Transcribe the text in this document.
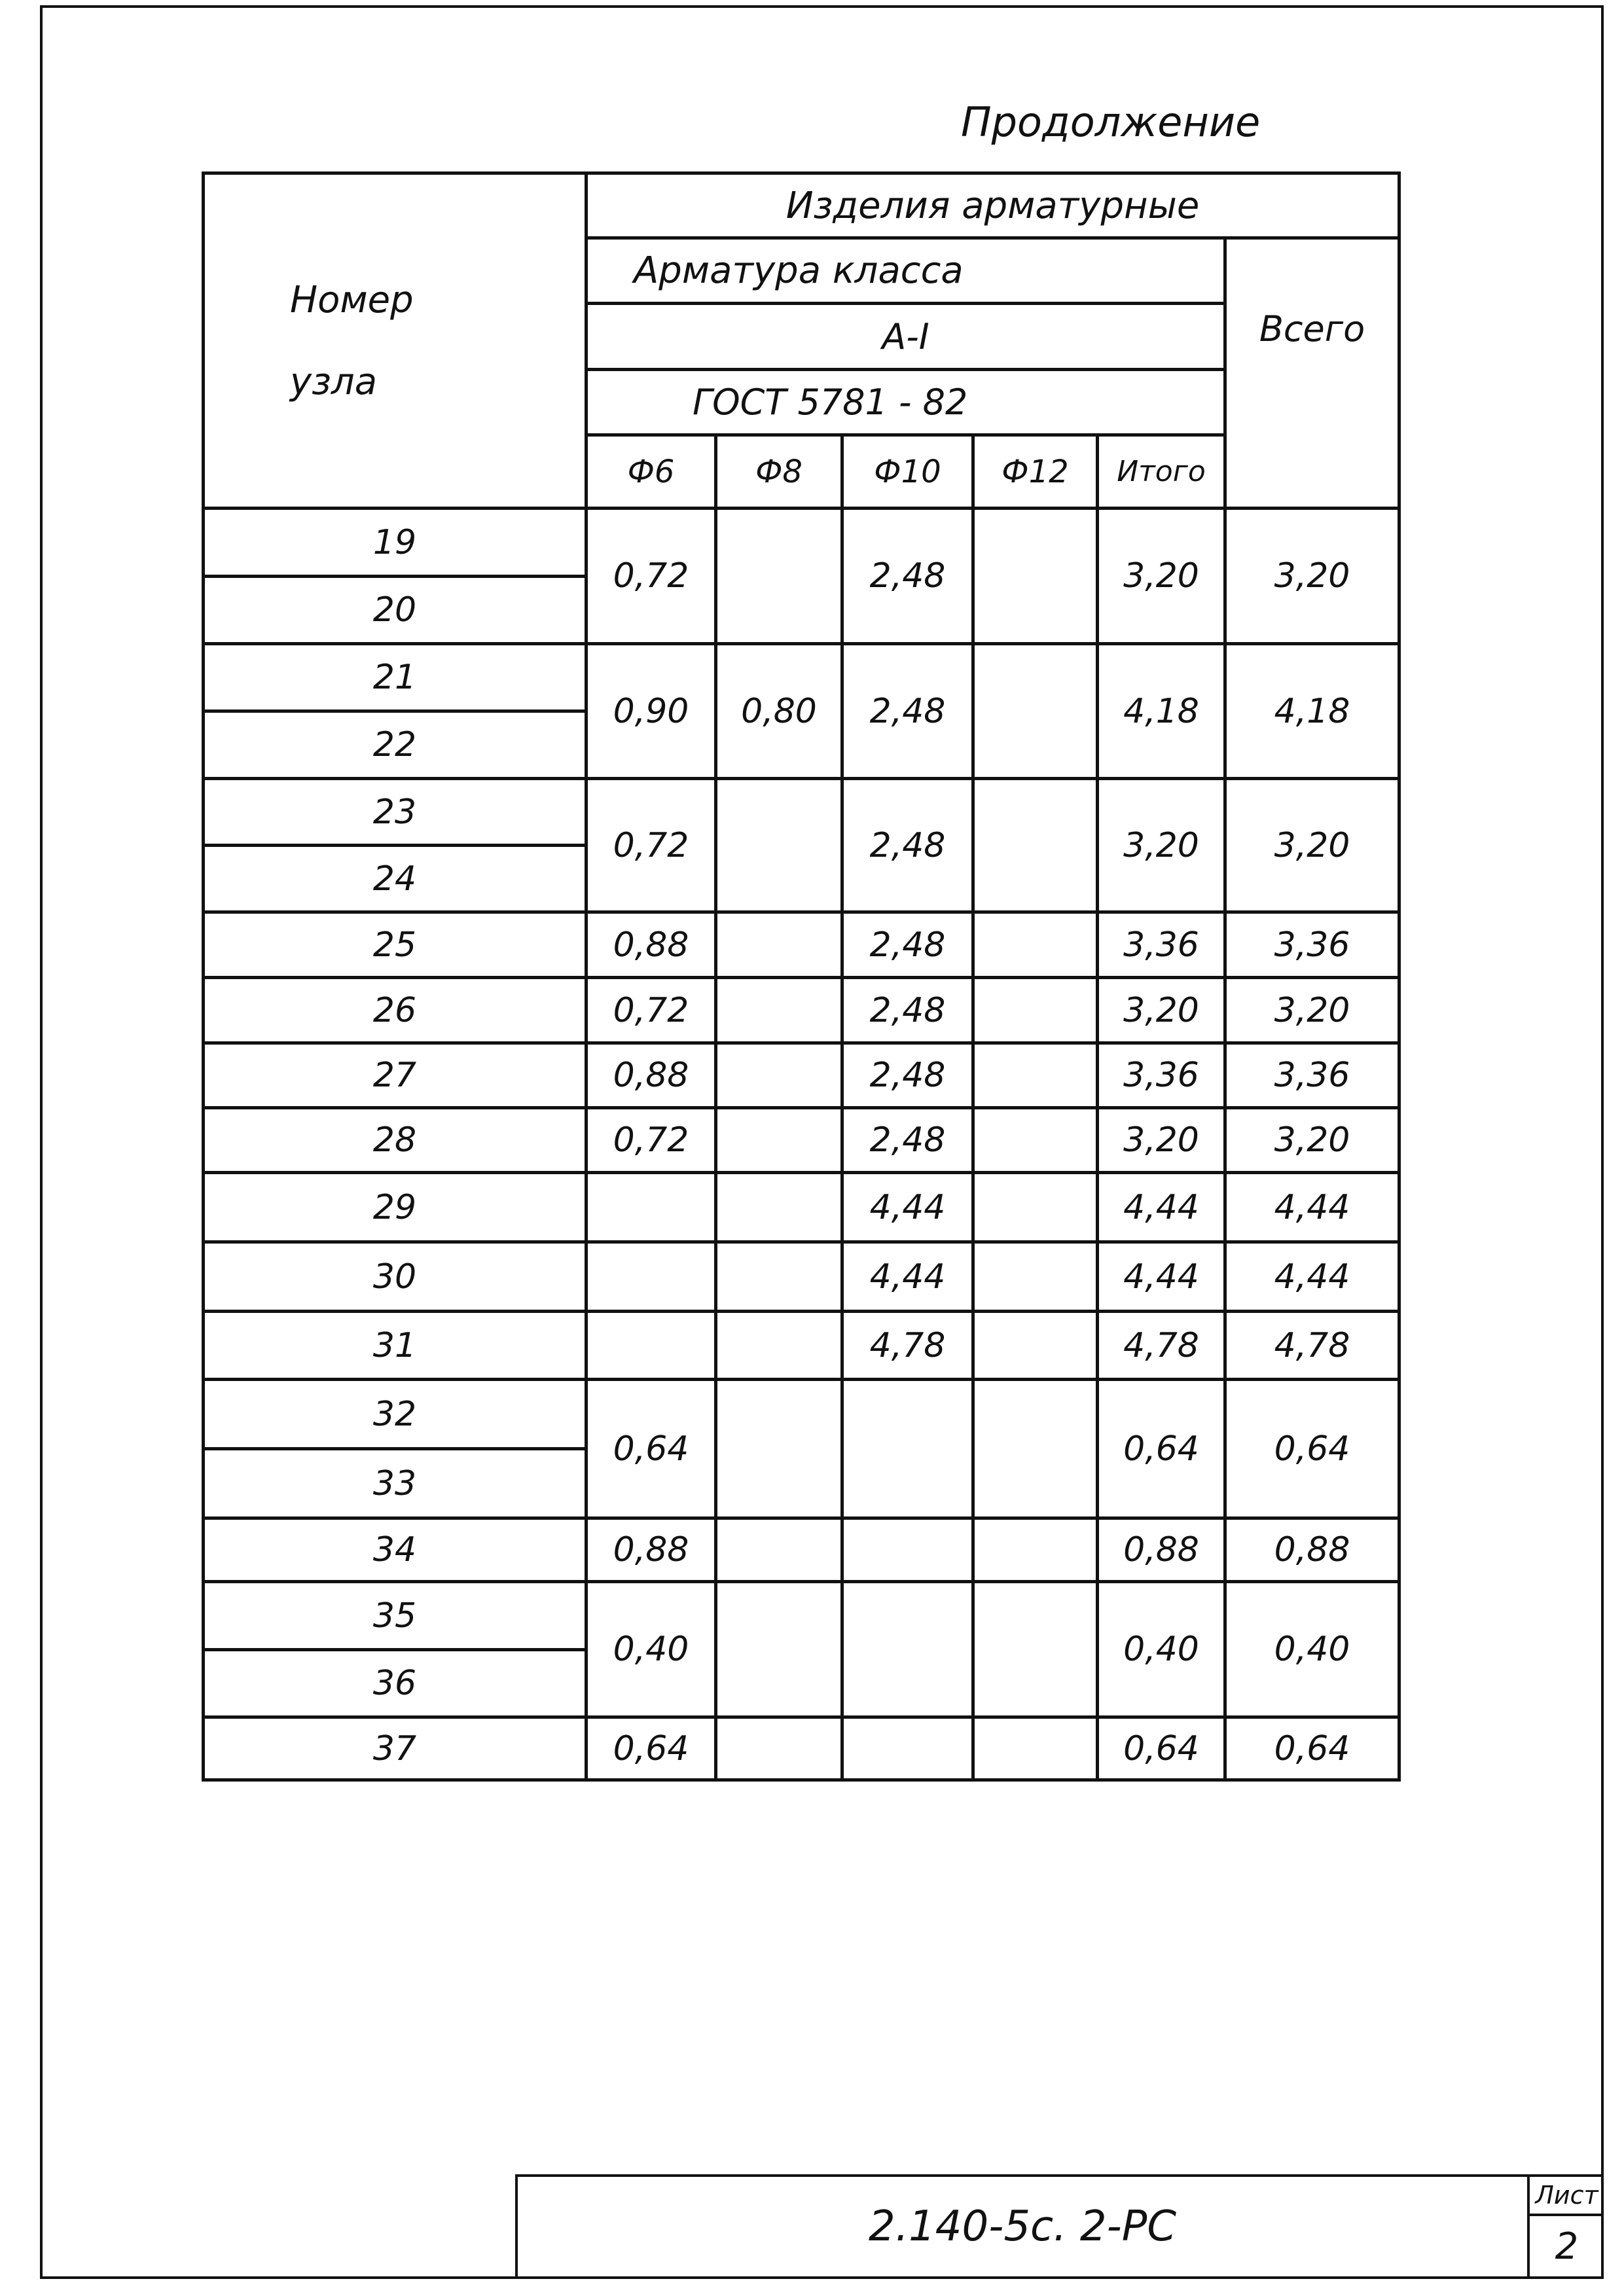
Продолжение
Номер
узла	Изделия арматурные					
	Арматура класса					Всего
	А-I					
	ГОСТ 5781 - 82					
	Ф6	Ф8	Ф10	Ф12	Итого	
19	0,72		2,48		3,20	3,20
20						
21	0,90	0,80	2,48		4,18	4,18
22						
23	0,72		2,48		3,20	3,20
24						
25	0,88		2,48		3,36	3,36
26	0,72		2,48		3,20	3,20
27	0,88		2,48		3,36	3,36
28	0,72		2,48		3,20	3,20
29			4,44		4,44	4,44
30			4,44		4,44	4,44
31			4,78		4,78	4,78
32	0,64				0,64	0,64
33						
34	0,88				0,88	0,88
35	0,40				0,40	0,40
36						
37	0,64				0,64	0,64
2.140-5с. 2-РС
Лист
2
